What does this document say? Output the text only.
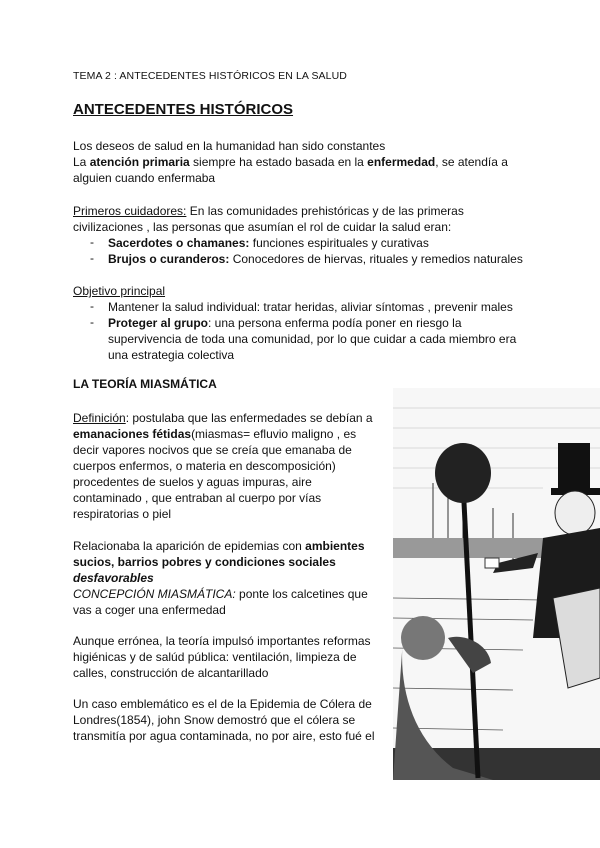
TEMA 2 : ANTECEDENTES HISTÓRICOS EN LA SALUD
ANTECEDENTES HISTÓRICOS
Los deseos de salud en la humanidad han sido constantes
La atención primaria siempre ha estado basada en la enfermedad, se atendía a
alguien cuando enfermaba
Primeros cuidadores: En las comunidades prehistóricas y de las primeras
civilizaciones , las personas que asumían el rol de cuidar la salud eran:
- Sacerdotes o chamanes: funciones espirituales y curativas
- Brujos o curanderos: Conocedores de hiervas, rituales y remedios naturales
Objetivo principal
- Mantener la salud individual: tratar heridas, aliviar síntomas , prevenir males
- Proteger al grupo: una persona enferma podía poner en riesgo la
supervivencia de toda una comunidad, por lo que cuidar a cada miembro era
una estrategia colectiva
LA TEORÍA MIASMÁTICA
Definición: postulaba que las enfermedades se debían a
emanaciones fétidas(miasmas= efluvio maligno , es
decir vapores nocivos que se creía que emanaba de
cuerpos enfermos, o materia en descomposición)
procedentes de suelos y aguas impuras, aire
contaminado , que entraban al cuerpo por vías
respiratorias o piel
Relacionaba la aparición de epidemias con ambientes
sucios, barrios pobres y condiciones sociales
desfavorables
CONCEPCIÓN MIASMÁTICA: ponte los calcetines que
vas a coger una enfermedad
Aunque errónea, la teoría impulsó importantes reformas
higiénicas y de salúd pública: ventilación, limpieza de
calles, construcción de alcantarillado
Un caso emblemático es el de la Epidemia de Cólera de
Londres(1854), john Snow demostró que el cólera se
transmitía por agua contaminada, no por aire, esto fué el
